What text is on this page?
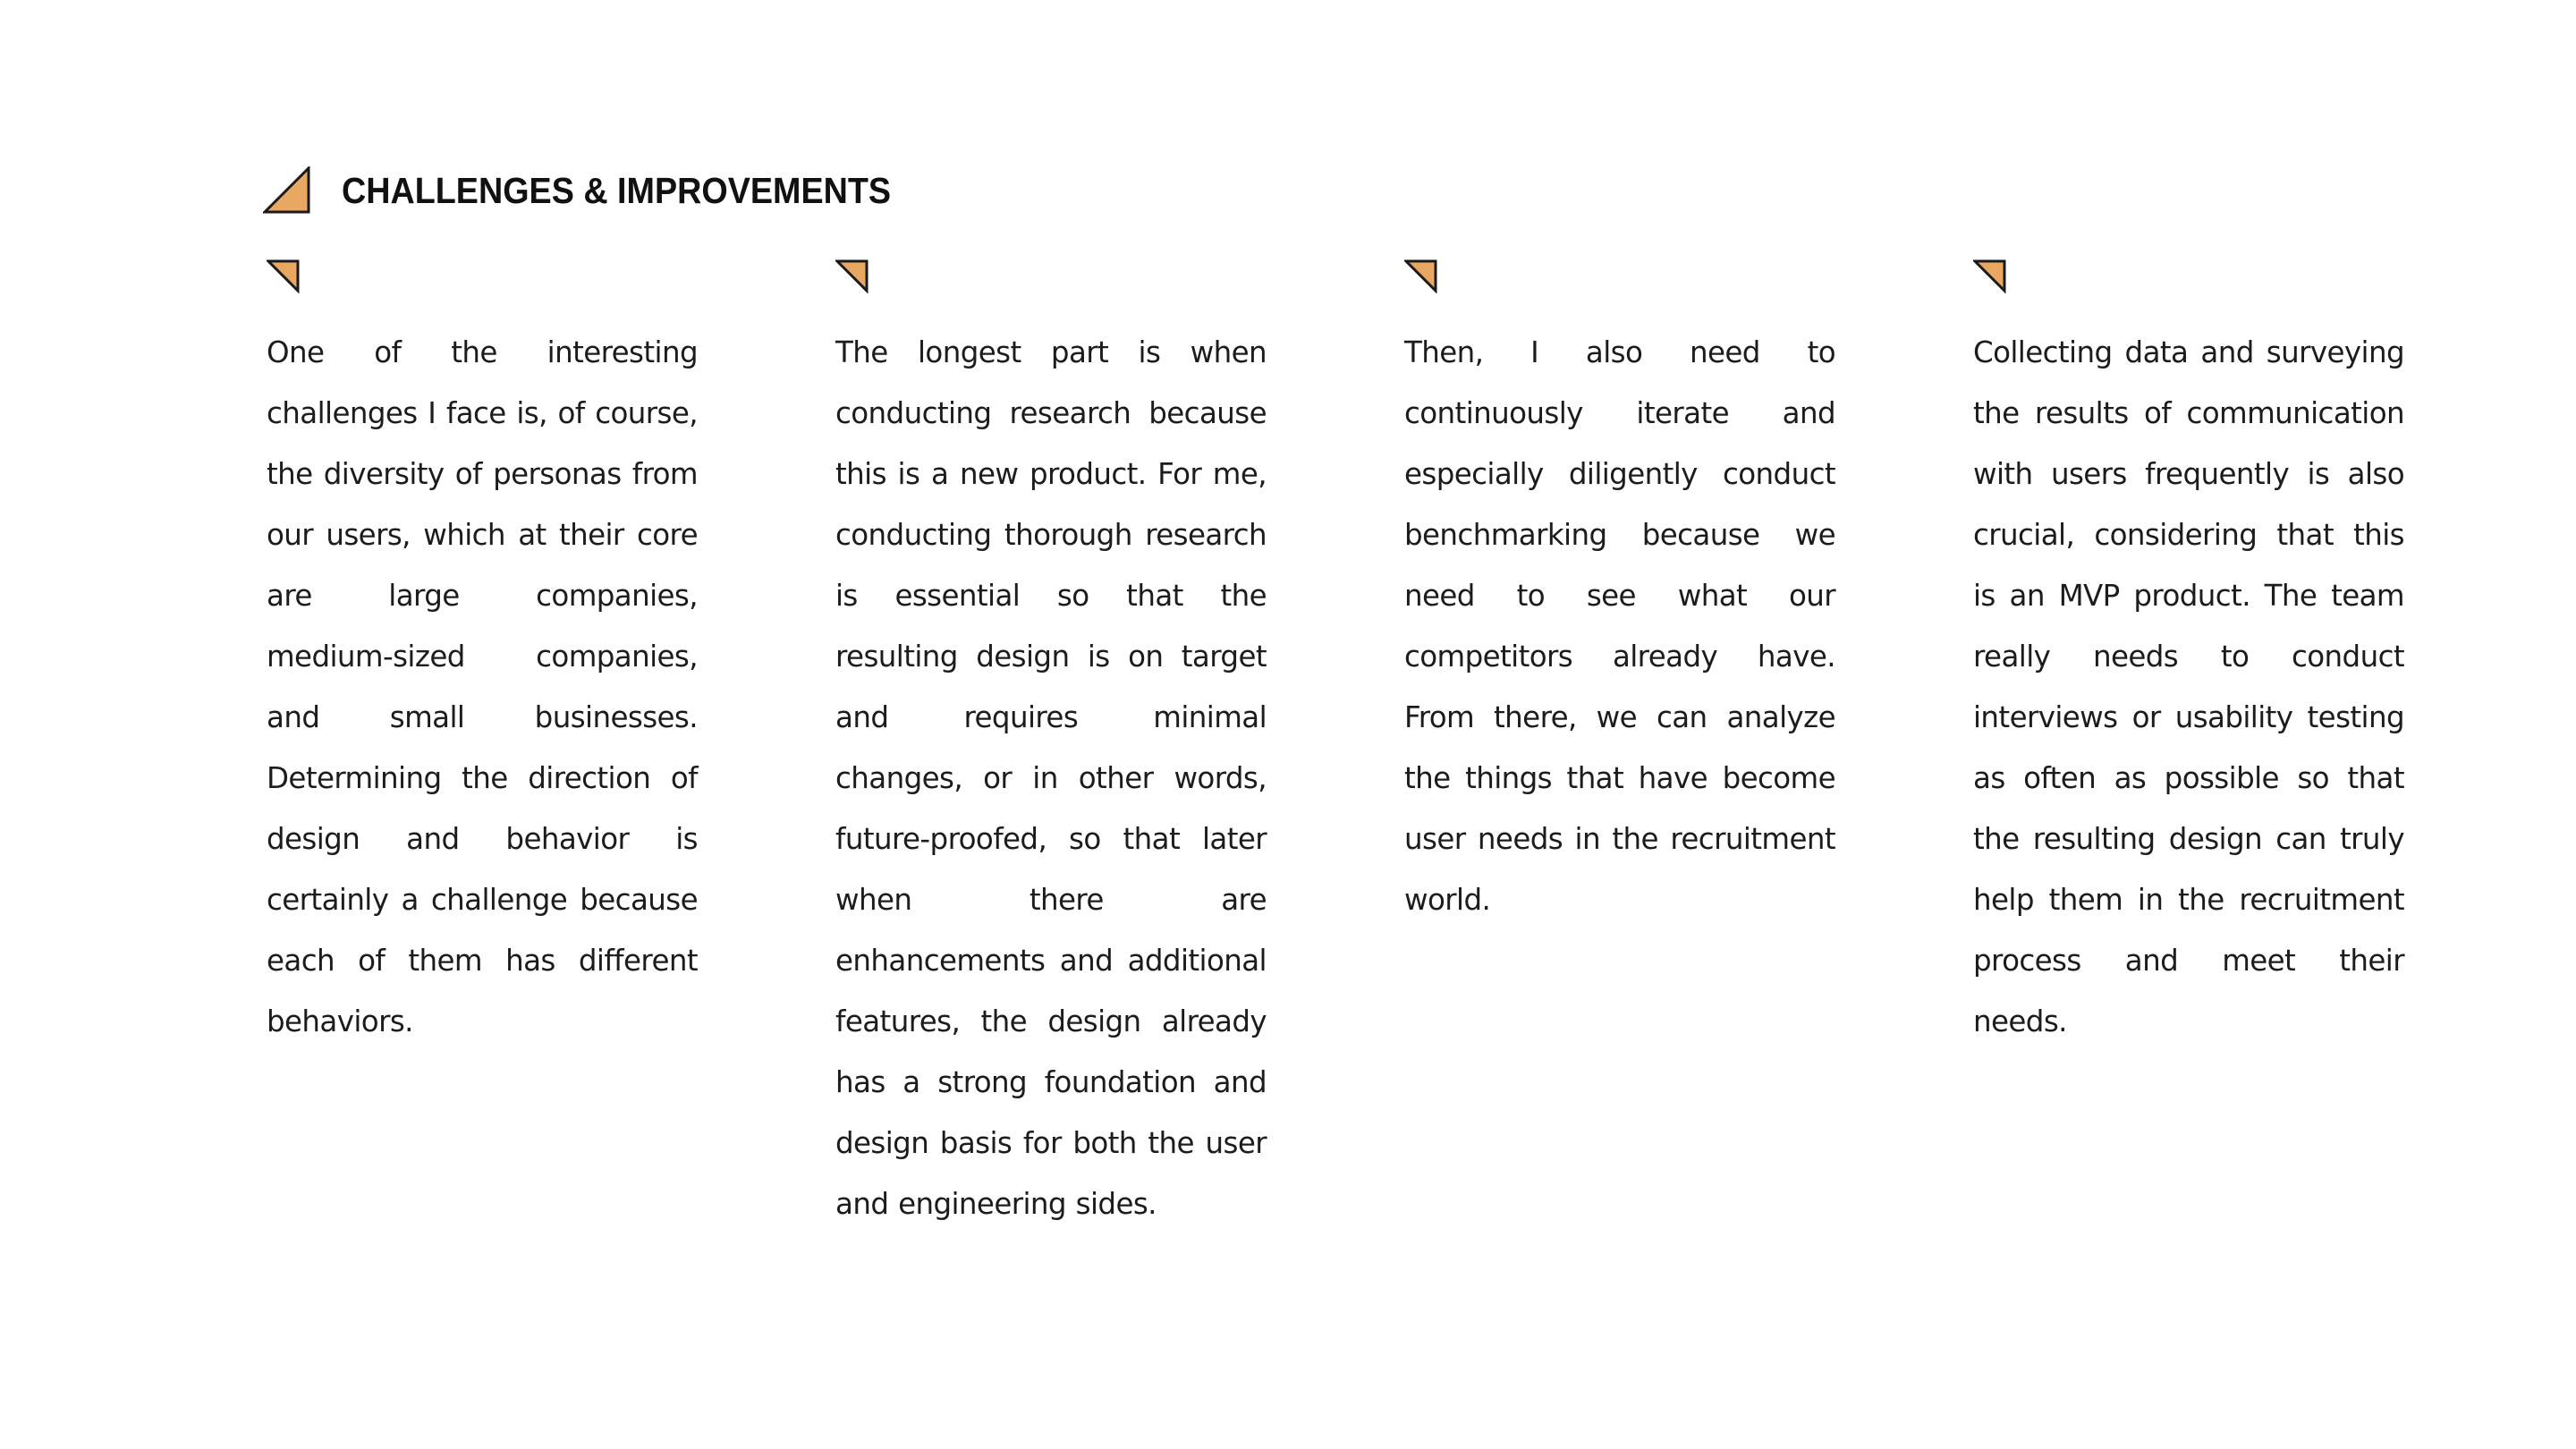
CHALLENGES & IMPROVEMENTS
One of the interesting challenges I face is, of course, the diversity of personas from our users, which at their core are large companies, medium-sized companies, and small businesses. Determining the direction of design and behavior is certainly a challenge because each of them has different behaviors.
The longest part is when conducting research because this is a new product. For me, conducting thorough research is essential so that the resulting design is on target and requires minimal changes, or in other words, future-proofed, so that later when there are enhancements and additional features, the design already has a strong foundation and design basis for both the user and engineering sides.
Then, I also need to continuously iterate and especially diligently conduct benchmarking because we need to see what our competitors already have. From there, we can analyze the things that have become user needs in the recruitment world.
Collecting data and surveying the results of communication with users frequently is also crucial, considering that this is an MVP product. The team really needs to conduct interviews or usability testing as often as possible so that the resulting design can truly help them in the recruitment process and meet their needs.
